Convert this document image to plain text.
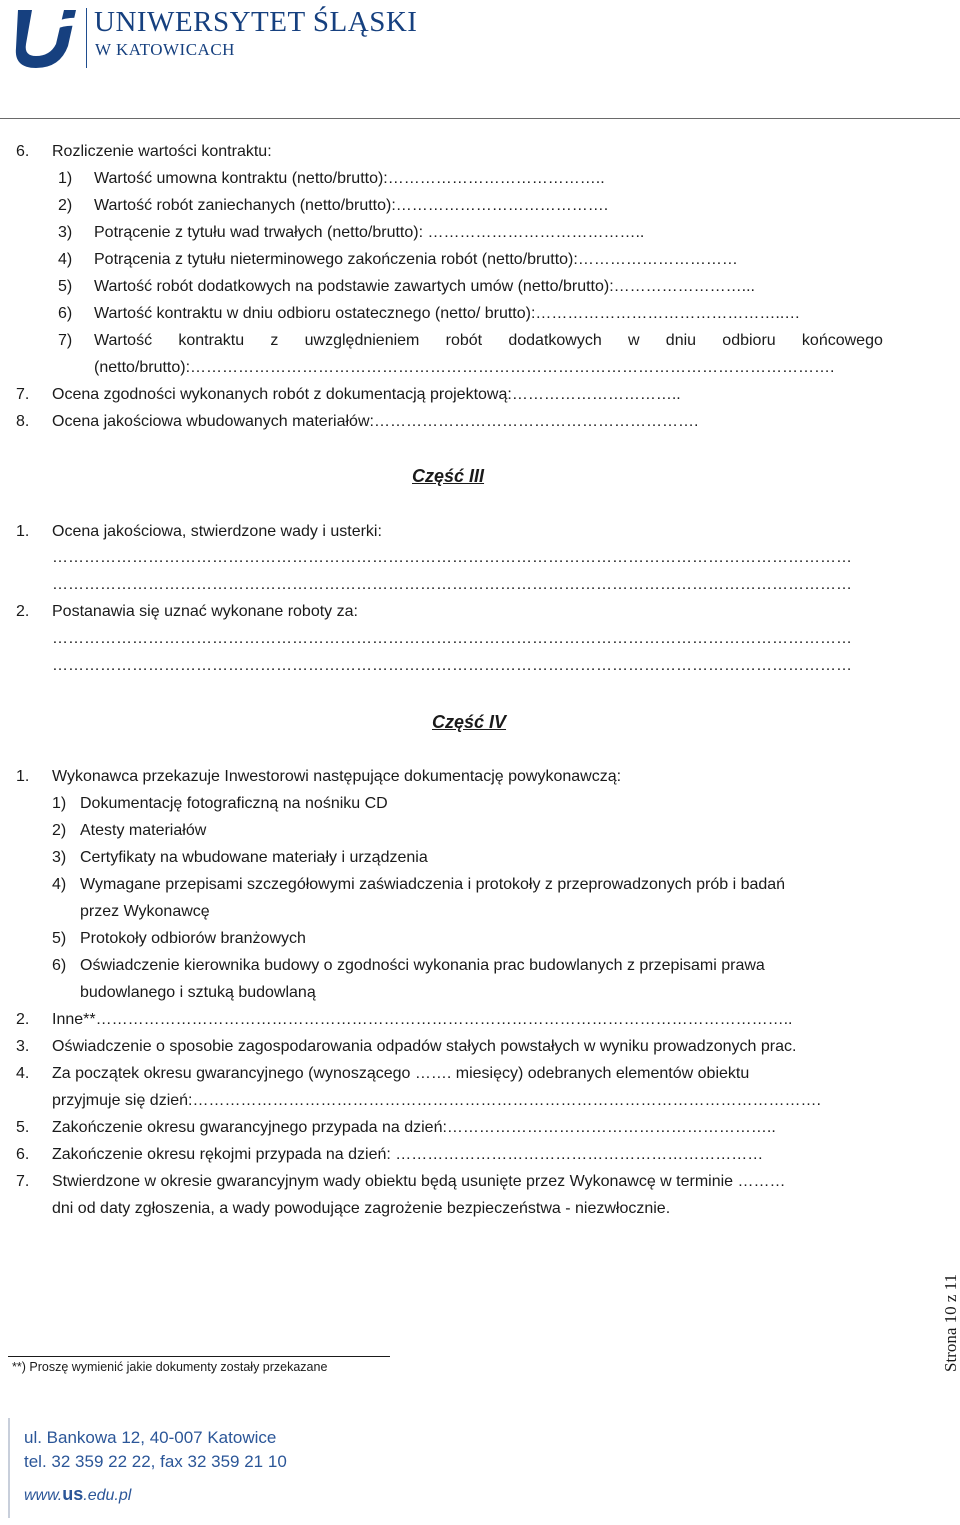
UNIWERSYTET ŚLĄSKI
W KATOWICACH
6. Rozliczenie wartości kontraktu:
1) Wartość umowna kontraktu (netto/brutto):…………………………………..
2) Wartość robót zaniechanych (netto/brutto):………………………………….
3) Potrącenie z tytułu wad trwałych (netto/brutto): …………………………………..
4) Potrącenia z tytułu nieterminowego zakończenia robót (netto/brutto):…………………………
5) Wartość robót dodatkowych na podstawie zawartych umów (netto/brutto):……………………...
6) Wartość kontraktu w dniu odbioru ostatecznego (netto/ brutto):………………………………………..…
7) Wartość kontraktu z uwzględnieniem robót dodatkowych w dniu odbioru końcowego
(netto/brutto):………………………………………………………………………………………………………….
7. Ocena zgodności wykonanych robót z dokumentacją projektową:…………………………..
8. Ocena jakościowa wbudowanych materiałów:…………………………………………………….
Część III
1. Ocena jakościowa, stwierdzone wady i usterki:
……………………………………………………………………………………………………………………………………
……………………………………………………………………………………………………………………………………
2. Postanawia się uznać wykonane roboty za:
……………………………………………………………………………………………………………………………………
……………………………………………………………………………………………………………………………………
Część IV
1. Wykonawca przekazuje Inwestorowi następujące dokumentację powykonawczą:
1) Dokumentację fotograficzną na nośniku CD
2) Atesty materiałów
3) Certyfikaty na wbudowane materiały i urządzenia
4) Wymagane przepisami szczegółowymi zaświadczenia i protokoły z przeprowadzonych prób i badań
przez Wykonawcę
5) Protokoły odbiorów branżowych
6) Oświadczenie kierownika budowy o zgodności wykonania prac budowlanych z przepisami prawa
budowlanego i sztuką budowlaną
2. Inne**…………………………………………………………………………………………………………………..
3. Oświadczenie o sposobie zagospodarowania odpadów stałych powstałych w wyniku prowadzonych prac.
4. Za początek okresu gwarancyjnego (wynoszącego ……. miesięcy) odebranych elementów obiektu
przyjmuje się dzień:……………………………………………………………………………………………………….
5. Zakończenie okresu gwarancyjnego przypada na dzień:……………………………………………………..
6. Zakończenie okresu rękojmi przypada na dzień: ……………………………………………………………
7. Stwierdzone w okresie gwarancyjnym wady obiektu będą usunięte przez Wykonawcę w terminie ………
dni od daty zgłoszenia, a wady powodujące zagrożenie bezpieczeństwa - niezwłocznie.
**) Proszę wymienić jakie dokumenty zostały przekazane	Strona 10 z 11
ul. Bankowa 12, 40-007 Katowice
tel. 32 359 22 22, fax 32 359 21 10
www.us.edu.pl
